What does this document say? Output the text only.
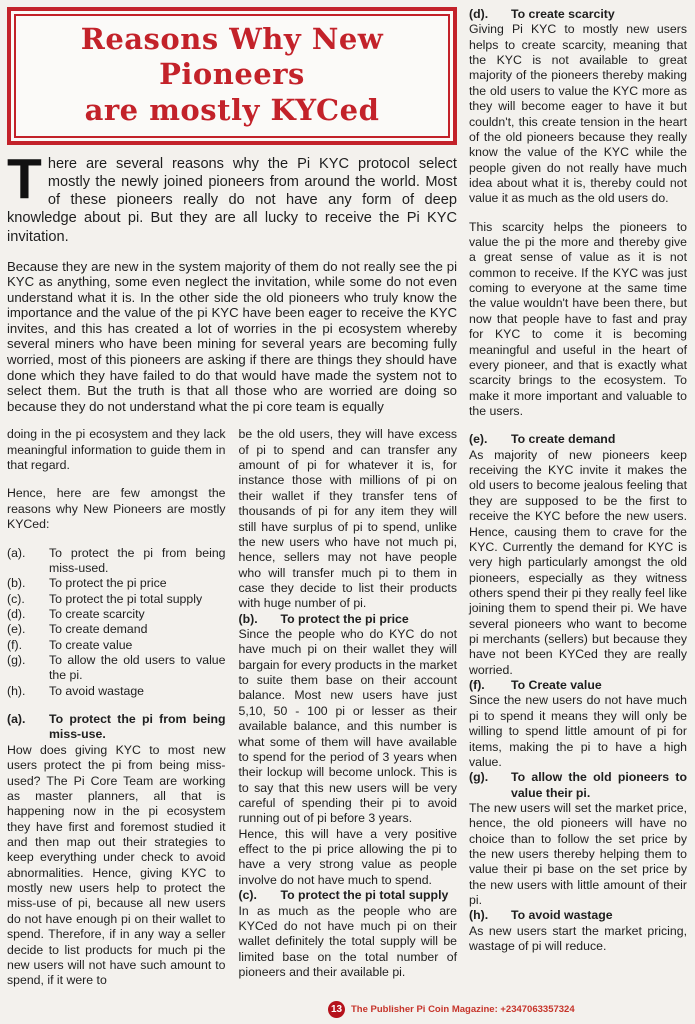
Reasons Why New Pioneers
are mostly KYCed

There are several reasons why the Pi KYC protocol select mostly the newly joined pioneers from around the world. Most of these pioneers really do not have any form of deep knowledge about pi. But they are all lucky to receive the Pi KYC invitation.

Because they are new in the system majority of them do not really see the pi KYC as anything, some even neglect the invitation, while some do not even understand what it is. In the other side the old pioneers who truly know the importance and the value of the pi KYC have been eager to receive the KYC invites, and this has created a lot of worries in the pi ecosystem whereby several miners who have been mining for several years are becoming fully worried, most of this pioneers are asking if there are things they should have done which they have failed to do that would have made the system not to select them. But the truth is that all those who are worried are doing so because they do not understand what the pi core team is equally

doing in the pi ecosystem and they lack meaningful information to guide them in that regard.

Hence, here are few amongst the reasons why New Pioneers are mostly KYCed:

(a).	To protect the pi from being miss-used.
(b).	To protect the pi price
(c).	To protect the pi total supply
(d).	To create scarcity
(e).	To create demand
(f).	To create value
(g).	To allow the old users to value the pi.
(h).	To avoid wastage
(a).	To protect the pi from being miss-use.

How does giving KYC to most new users protect the pi from being miss-used? The Pi Core Team are working as master planners, all that is happening now in the pi ecosystem they have first and foremost studied it and then map out their strategies to keep everything under check to avoid abnormalities. Hence, giving KYC to mostly new users help to protect the miss-use of pi, because all new users do not have enough pi on their wallet to spend. Therefore, if in any way a seller decide to list products for much pi the new users will not have such amount to spend, if it were to

be the old users, they will have excess of pi to spend and can transfer any amount of pi for whatever it is, for instance those with millions of pi on their wallet if they transfer tens of thousands of pi for any item they will still have surplus of pi to spend, unlike the new users who have not much pi, hence, sellers may not have people who will transfer much pi to them in case they decide to list their products with huge number of pi.

(b).	To protect the pi price

Since the people who do KYC do not have much pi on their wallet they will bargain for every products in the market to suite them base on their account balance. Most new users have just 5,10, 50 - 100 pi or lesser as their available balance, and this number is what some of them will have available to spend for the period of 3 years when their lockup will become unlock. This is to say that this new users will be very careful of spending their pi to avoid running out of pi before 3 years.

Hence, this will have a very positive effect to the pi price allowing the pi to have a very strong value as people involve do not have much to spend.

(c).	To protect the pi total supply

In as much as the people who are KYCed do not have much pi on their wallet definitely the total supply will be limited base on the total number of pioneers and their available pi.

(d).	To create scarcity

Giving Pi KYC to mostly new users helps to create scarcity, meaning that the KYC is not available to great majority of the pioneers thereby making the old users to value the KYC more as they will become eager to have it but couldn't, this create tension in the heart of the old pioneers because they really know the value of the KYC while the people given do not really have much idea about what it is, thereby could not value it as much as the old users do.

This scarcity helps the pioneers to value the pi the more and thereby give a great sense of value as it is not common to receive. If the KYC was just coming to everyone at the same time the value wouldn't have been there, but now that people have to fast and pray for KYC to come it is becoming meaningful and useful in the heart of every pioneer, and that is exactly what scarcity brings to the ecosystem. To make it more important and valuable to the users.

(e).	To create demand

As majority of new pioneers keep receiving the KYC invite it makes the old users to become jealous feeling that they are supposed to be the first to receive the KYC before the new users. Hence, causing them to crave for the KYC. Currently the demand for KYC is very high particularly amongst the old pioneers, especially as they witness others spend their pi they really feel like joining them to spend their pi. We have several pioneers who want to become pi merchants (sellers) but because they have not been KYCed they are really worried.

(f).	To Create value

Since the new users do not have much pi to spend it means they will only be willing to spend little amount of pi for items, making the pi to have a high value.

(g).	To allow the old pioneers to value their pi.

The new users will set the market price, hence, the old pioneers will have no choice than to follow the set price by the new users thereby helping them to value their pi base on the set price by the new users with little amount of their pi.

(h).	To avoid wastage

As new users start the market pricing, wastage of pi will reduce.

13 The Publisher Pi Coin Magazine: +2347063357324
